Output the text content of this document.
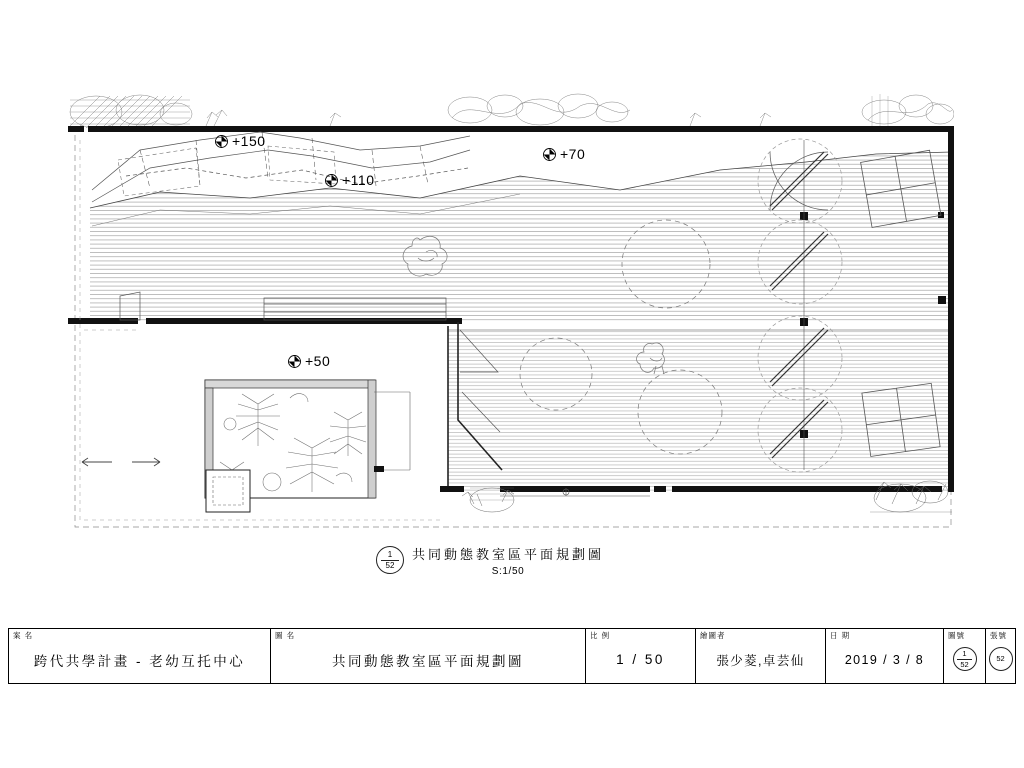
+150
+110
+70
+50
1
52
共同動態教室區平面規劃圖
S:1/50
案 名
跨代共學計畫 - 老幼互托中心
圖 名
共同動態教室區平面規劃圖
比 例
1 / 50
繪圖者
張少菱,卓芸仙
日 期
2019 / 3 / 8
圖號
1
52
張號
52
